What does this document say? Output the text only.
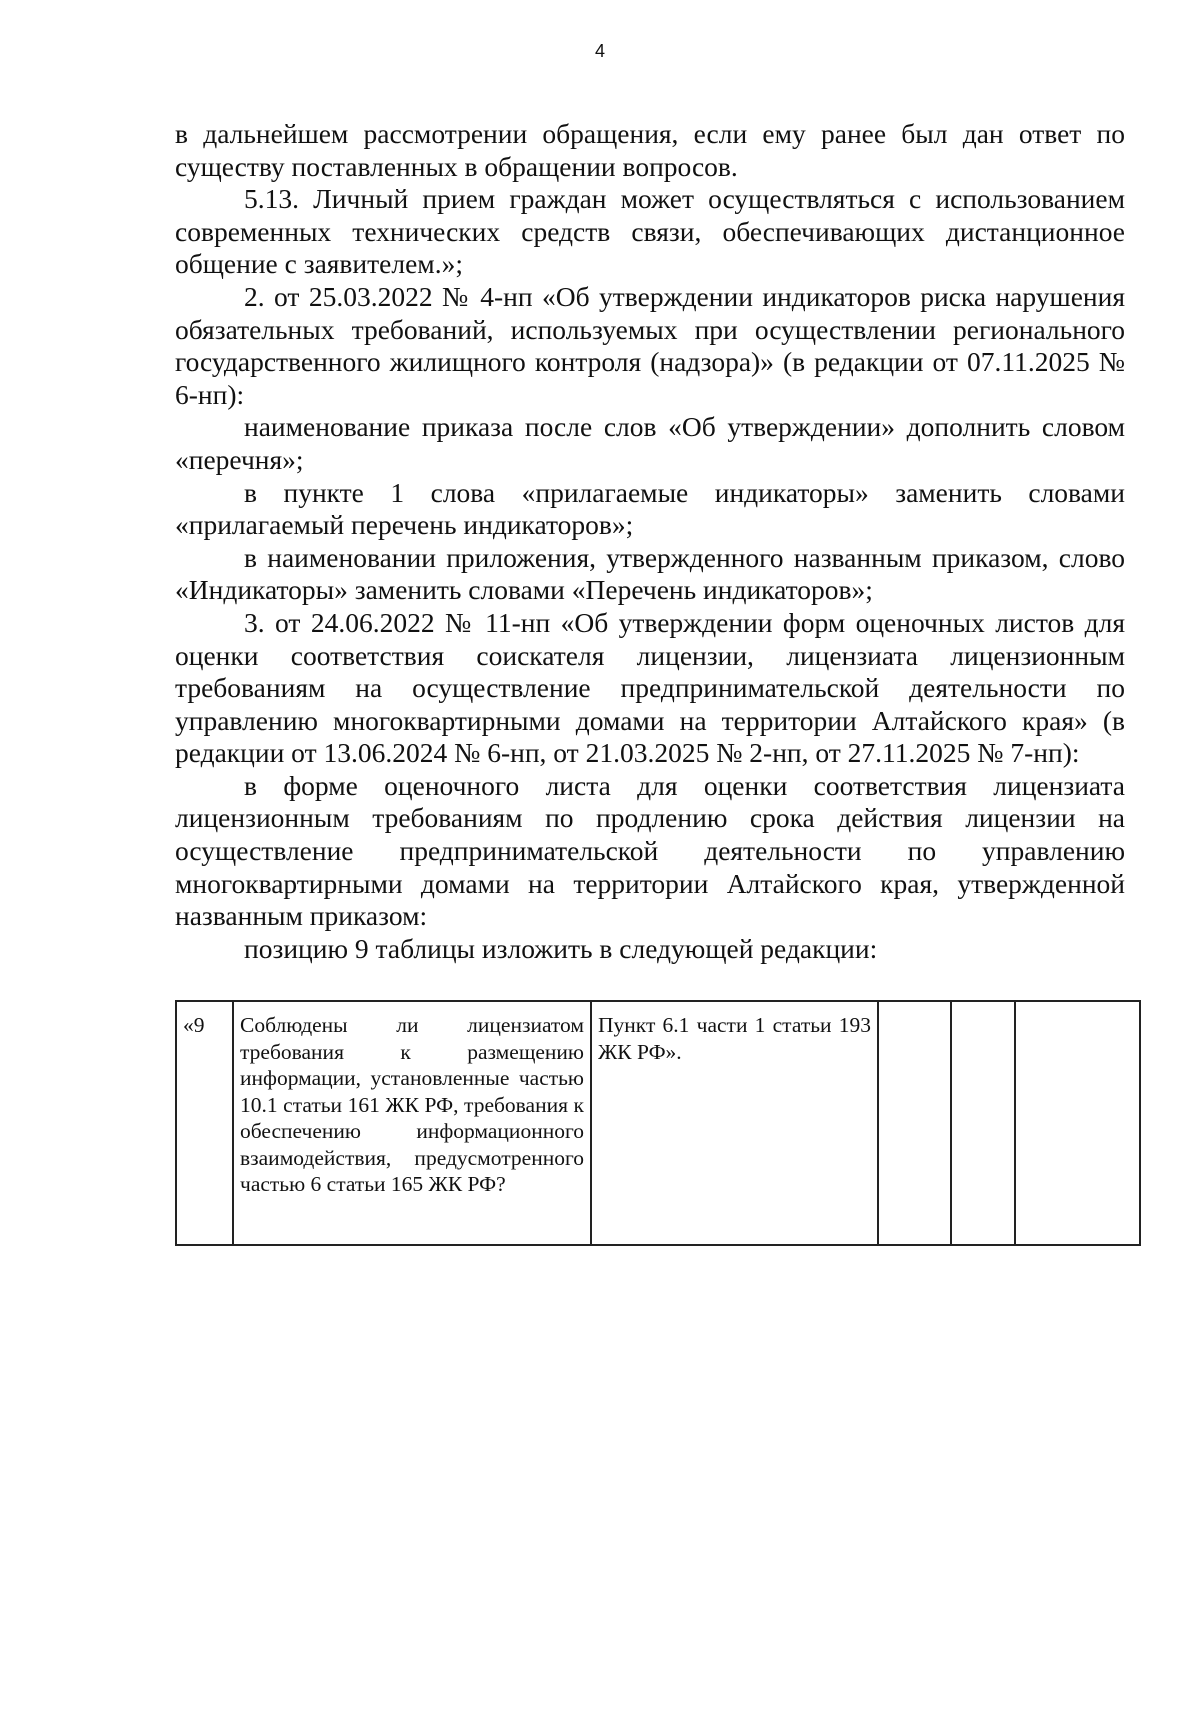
4

в дальнейшем рассмотрении обращения, если ему ранее был дан ответ по существу поставленных в обращении вопросов.

5.13. Личный прием граждан может осуществляться с использованием современных технических средств связи, обеспечивающих дистанционное общение с заявителем.»;

2. от 25.03.2022 № 4-нп «Об утверждении индикаторов риска нарушения обязательных требований, используемых при осуществлении регионального государственного жилищного контроля (надзора)» (в редакции от 07.11.2025 № 6-нп):

наименование приказа после слов «Об утверждении» дополнить словом «перечня»;

в пункте 1 слова «прилагаемые индикаторы» заменить словами «прилагаемый перечень индикаторов»;

в наименовании приложения, утвержденного названным приказом, слово «Индикаторы» заменить словами «Перечень индикаторов»;

3. от 24.06.2022 № 11-нп «Об утверждении форм оценочных листов для оценки соответствия соискателя лицензии, лицензиата лицензионным требованиям на осуществление предпринимательской деятельности по управлению многоквартирными домами на территории Алтайского края» (в редакции от 13.06.2024 № 6-нп, от 21.03.2025 № 2-нп, от 27.11.2025 № 7-нп):

в форме оценочного листа для оценки соответствия лицензиата лицензионным требованиям по продлению срока действия лицензии на осуществление предпринимательской деятельности по управлению многоквартирными домами на территории Алтайского края, утвержденной названным приказом:

позицию 9 таблицы изложить в следующей редакции:

«9	Соблюдены ли лицензиатом требования к размещению информации, установленные частью 10.1 статьи 161 ЖК РФ, требования к обеспечению информационного взаимодействия, предусмотренного частью 6 статьи 165 ЖК РФ?	Пункт 6.1 части 1 статьи 193 ЖК РФ».			
